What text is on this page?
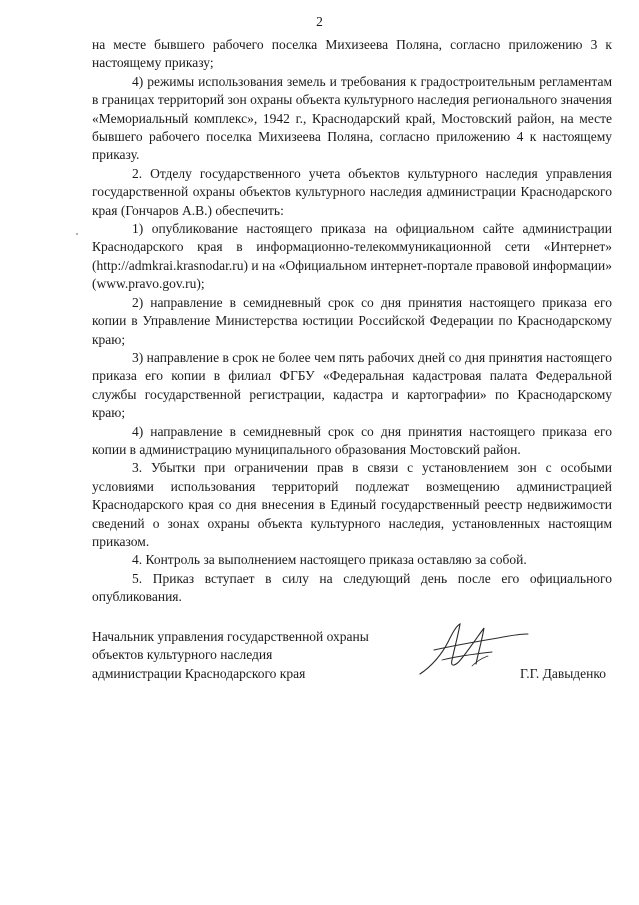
2

на месте бывшего рабочего поселка Михизеева Поляна, согласно приложению 3 к настоящему приказу;

4) режимы использования земель и требования к градостроительным регламентам в границах территорий зон охраны объекта культурного наследия регионального значения «Мемориальный комплекс», 1942 г., Краснодарский край, Мостовский район, на месте бывшего рабочего поселка Михизеева Поляна, согласно приложению 4 к настоящему приказу.

2. Отделу государственного учета объектов культурного наследия управления государственной охраны объектов культурного наследия администрации Краснодарского края (Гончаров А.В.) обеспечить:

1) опубликование настоящего приказа на официальном сайте администрации Краснодарского края в информационно-телекоммуникационной сети «Интернет» (http://admkrai.krasnodar.ru) и на «Официальном интернет-портале правовой информации» (www.pravo.gov.ru);

2) направление в семидневный срок со дня принятия настоящего приказа его копии в Управление Министерства юстиции Российской Федерации по Краснодарскому краю;

3) направление в срок не более чем пять рабочих дней со дня принятия настоящего приказа его копии в филиал ФГБУ «Федеральная кадастровая палата Федеральной службы государственной регистрации, кадастра и картографии» по Краснодарскому краю;

4) направление в семидневный срок со дня принятия настоящего приказа его копии в администрацию муниципального образования Мостовский район.

3. Убытки при ограничении прав в связи с установлением зон с особыми условиями использования территорий подлежат возмещению администрацией Краснодарского края со дня внесения в Единый государственный реестр недвижимости сведений о зонах охраны объекта культурного наследия, установленных настоящим приказом.

4. Контроль за выполнением настоящего приказа оставляю за собой.

5. Приказ вступает в силу на следующий день после его официального опубликования.

Начальник управления государственной охраны
объектов культурного наследия
администрации Краснодарского края	Г.Г. Давыденко
